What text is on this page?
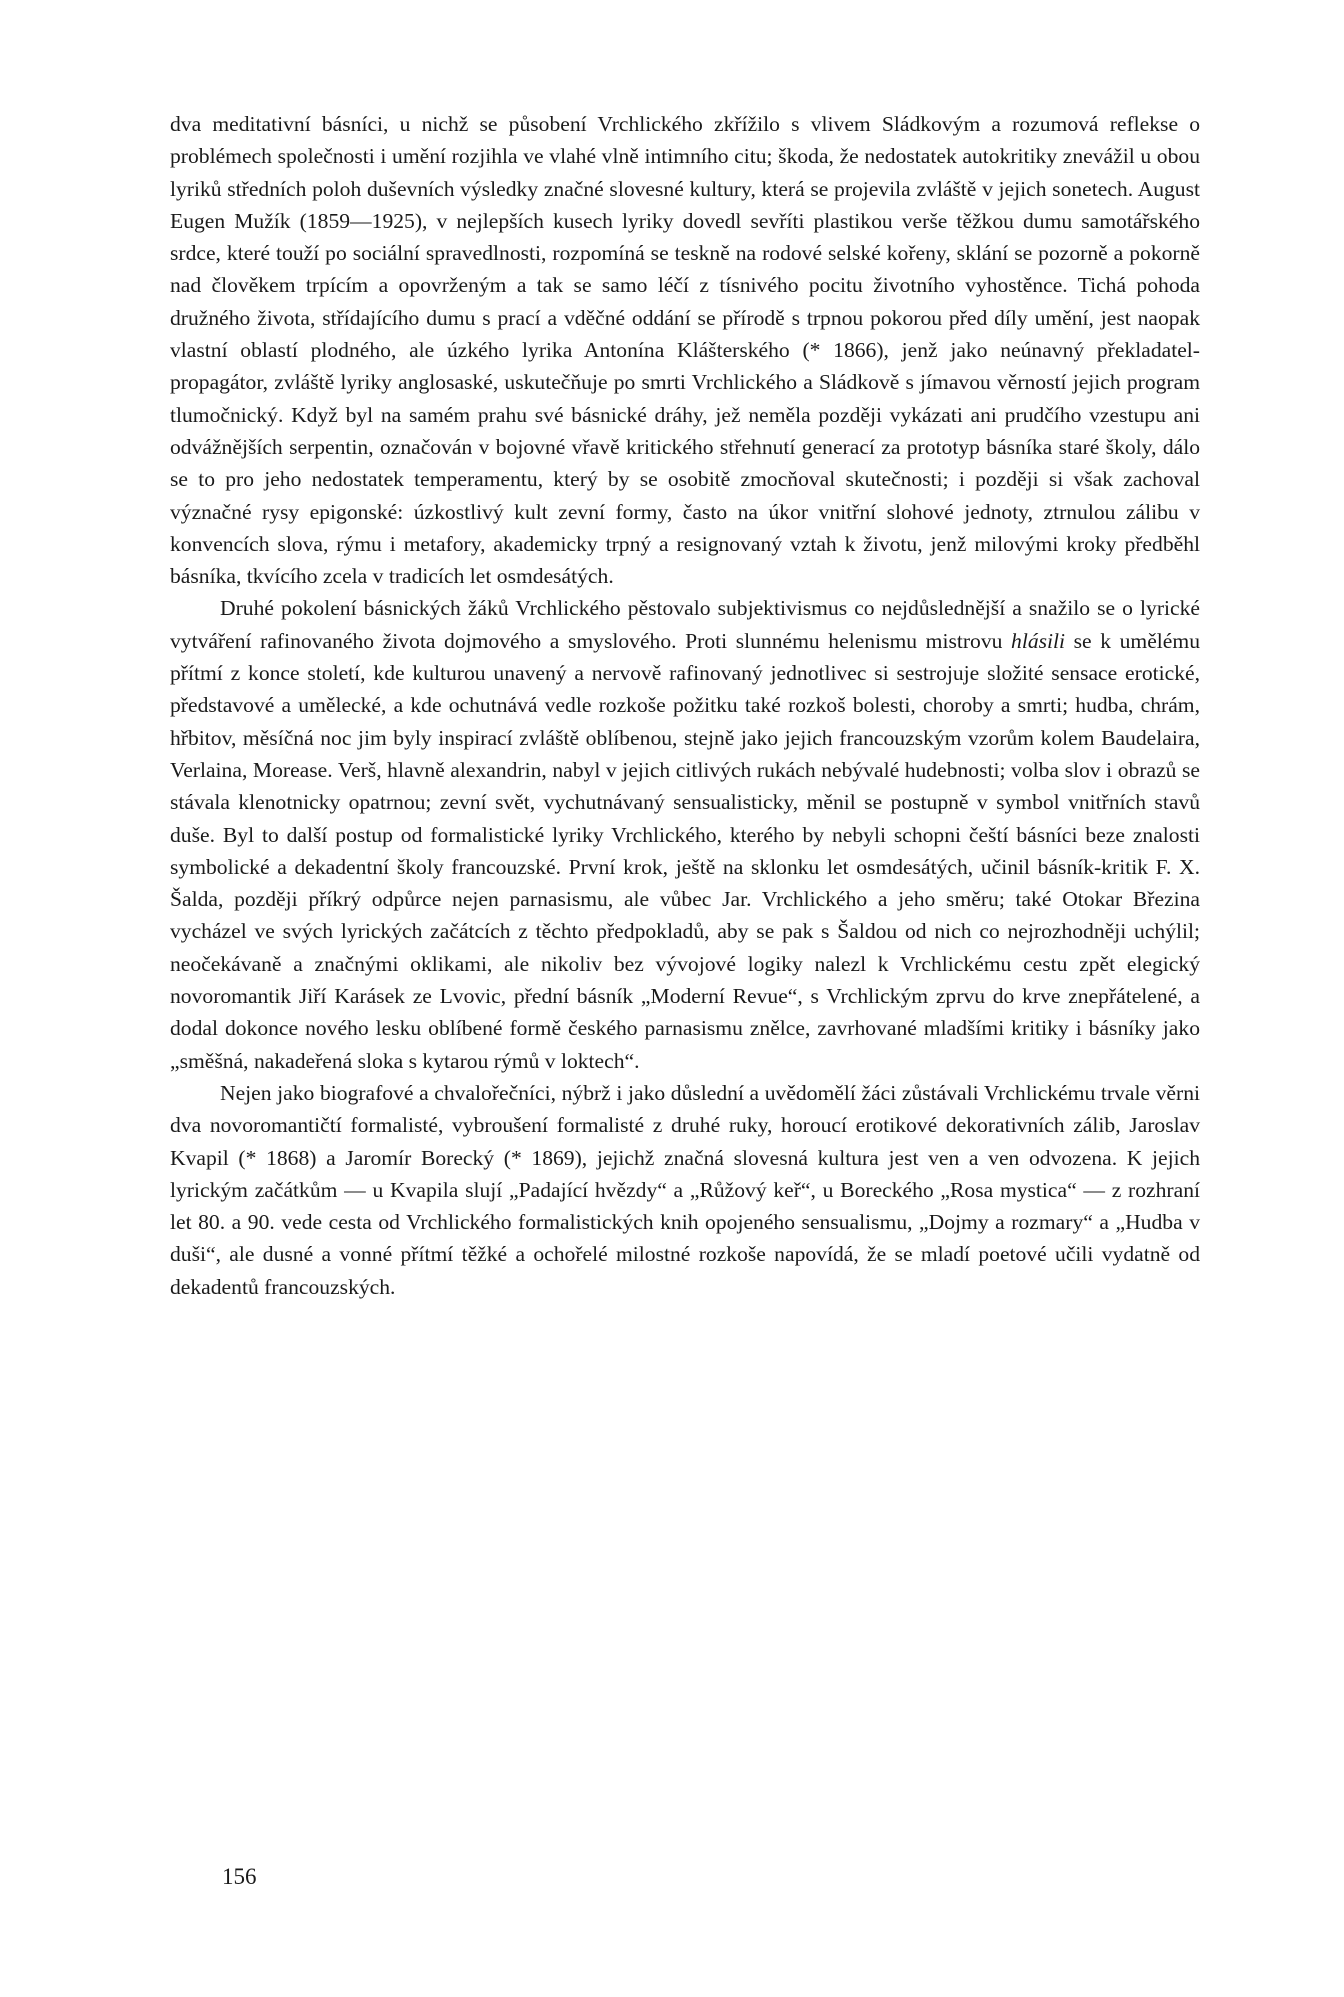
dva meditativní básníci, u nichž se působení Vrchlického zkřížilo s vlivem Sládkovým a rozumová reflekse o problémech společnosti i umění rozjihla ve vlahé vlně intimního citu; škoda, že nedostatek autokritiky znevážil u obou lyriků středních poloh duševních výsledky značné slovesné kultury, která se projevila zvláště v jejich sonetech. August Eugen Mužík (1859—1925), v nejlepších kusech lyriky dovedl sevříti plastikou verše těžkou dumu samotářského srdce, které touží po sociální spravedlnosti, rozpomíná se teskně na rodové selské kořeny, sklání se pozorně a pokorně nad člověkem trpícím a opovrženým a tak se samo léčí z tísnivého pocitu životního vyhostěnce. Tichá pohoda družného života, střídajícího dumu s prací a vděčné oddání se přírodě s trpnou pokorou před díly umění, jest naopak vlastní oblastí plodného, ale úzkého lyrika Antonína Klášterského (* 1866), jenž jako neúnavný překladatel-propagátor, zvláště lyriky anglosaské, uskutečňuje po smrti Vrchlického a Sládkově s jímavou věrností jejich program tlumočnický. Když byl na samém prahu své básnické dráhy, jež neměla později vykázati ani prudčího vzestupu ani odvážnějších serpentin, označován v bojovné vřavě kritického střehnutí generací za prototyp básníka staré školy, dálo se to pro jeho nedostatek temperamentu, který by se osobitě zmocňoval skutečnosti; i později si však zachoval význačné rysy epigonské: úzkostlivý kult zevní formy, často na úkor vnitřní slohové jednoty, ztrnulou zálibu v konvencích slova, rýmu i metafory, akademicky trpný a resignovaný vztah k životu, jenž milovými kroky předběhl básníka, tkvícího zcela v tradicích let osmdesátých.

Druhé pokolení básnických žáků Vrchlického pěstovalo subjektivismus co nejdůslednější a snažilo se o lyrické vytváření rafinovaného života dojmového a smyslového. Proti slunnému helenismu mistrovu hlásili se k umělému přítmí z konce století, kde kulturou unavený a nervově rafinovaný jednotlivec si sestrojuje složité sensace erotické, představové a umělecké, a kde ochutnává vedle rozkoše požitku také rozkoš bolesti, choroby a smrti; hudba, chrám, hřbitov, měsíčná noc jim byly inspirací zvláště oblíbenou, stejně jako jejich francouzským vzorům kolem Baudelaira, Verlaina, Morease. Verš, hlavně alexandrin, nabyl v jejich citlivých rukách nebývalé hudebnosti; volba slov i obrazů se stávala klenotnicky opatrnou; zevní svět, vychutnávaný sensualisticky, měnil se postupně v symbol vnitřních stavů duše. Byl to další postup od formalistické lyriky Vrchlického, kterého by nebyli schopni čeští básníci beze znalosti symbolické a dekadentní školy francouzské. První krok, ještě na sklonku let osmdesátých, učinil básník-kritik F. X. Šalda, později příkrý odpůrce nejen parnasismu, ale vůbec Jar. Vrchlického a jeho směru; také Otokar Březina vycházel ve svých lyrických začátcích z těchto předpokladů, aby se pak s Šaldou od nich co nejrozhodněji uchýlil; neočekávaně a značnými oklikami, ale nikoliv bez vývojové logiky nalezl k Vrchlickému cestu zpět elegický novoromantik Jiří Karásek ze Lvovic, přední básník „Moderní Revue“, s Vrchlickým zprvu do krve znepřátelené, a dodal dokonce nového lesku oblíbené formě českého parnasismu znělce, zavrhované mladšími kritiky i básníky jako „směšná, nakadeřená sloka s kytarou rýmů v loktech“.

Nejen jako biografové a chvalořečníci, nýbrž i jako důslední a uvědomělí žáci zůstávali Vrchlickému trvale věrni dva novoromantičtí formalisté, vybroušení formalisté z druhé ruky, horoucí erotikové dekorativních zálib, Jaroslav Kvapil (* 1868) a Jaromír Borecký (* 1869), jejichž značná slovesná kultura jest ven a ven odvozena. K jejich lyrickým začátkům — u Kvapila slují „Padající hvězdy“ a „Růžový keř“, u Boreckého „Rosa mystica“ — z rozhraní let 80. a 90. vede cesta od Vrchlického formalistických knih opojeného sensualismu, „Dojmy a rozmary“ a „Hudba v duši“, ale dusné a vonné přítmí těžké a ochořelé milostné rozkoše napovídá, že se mladí poetové učili vydatně od dekadentů francouzských.

156
